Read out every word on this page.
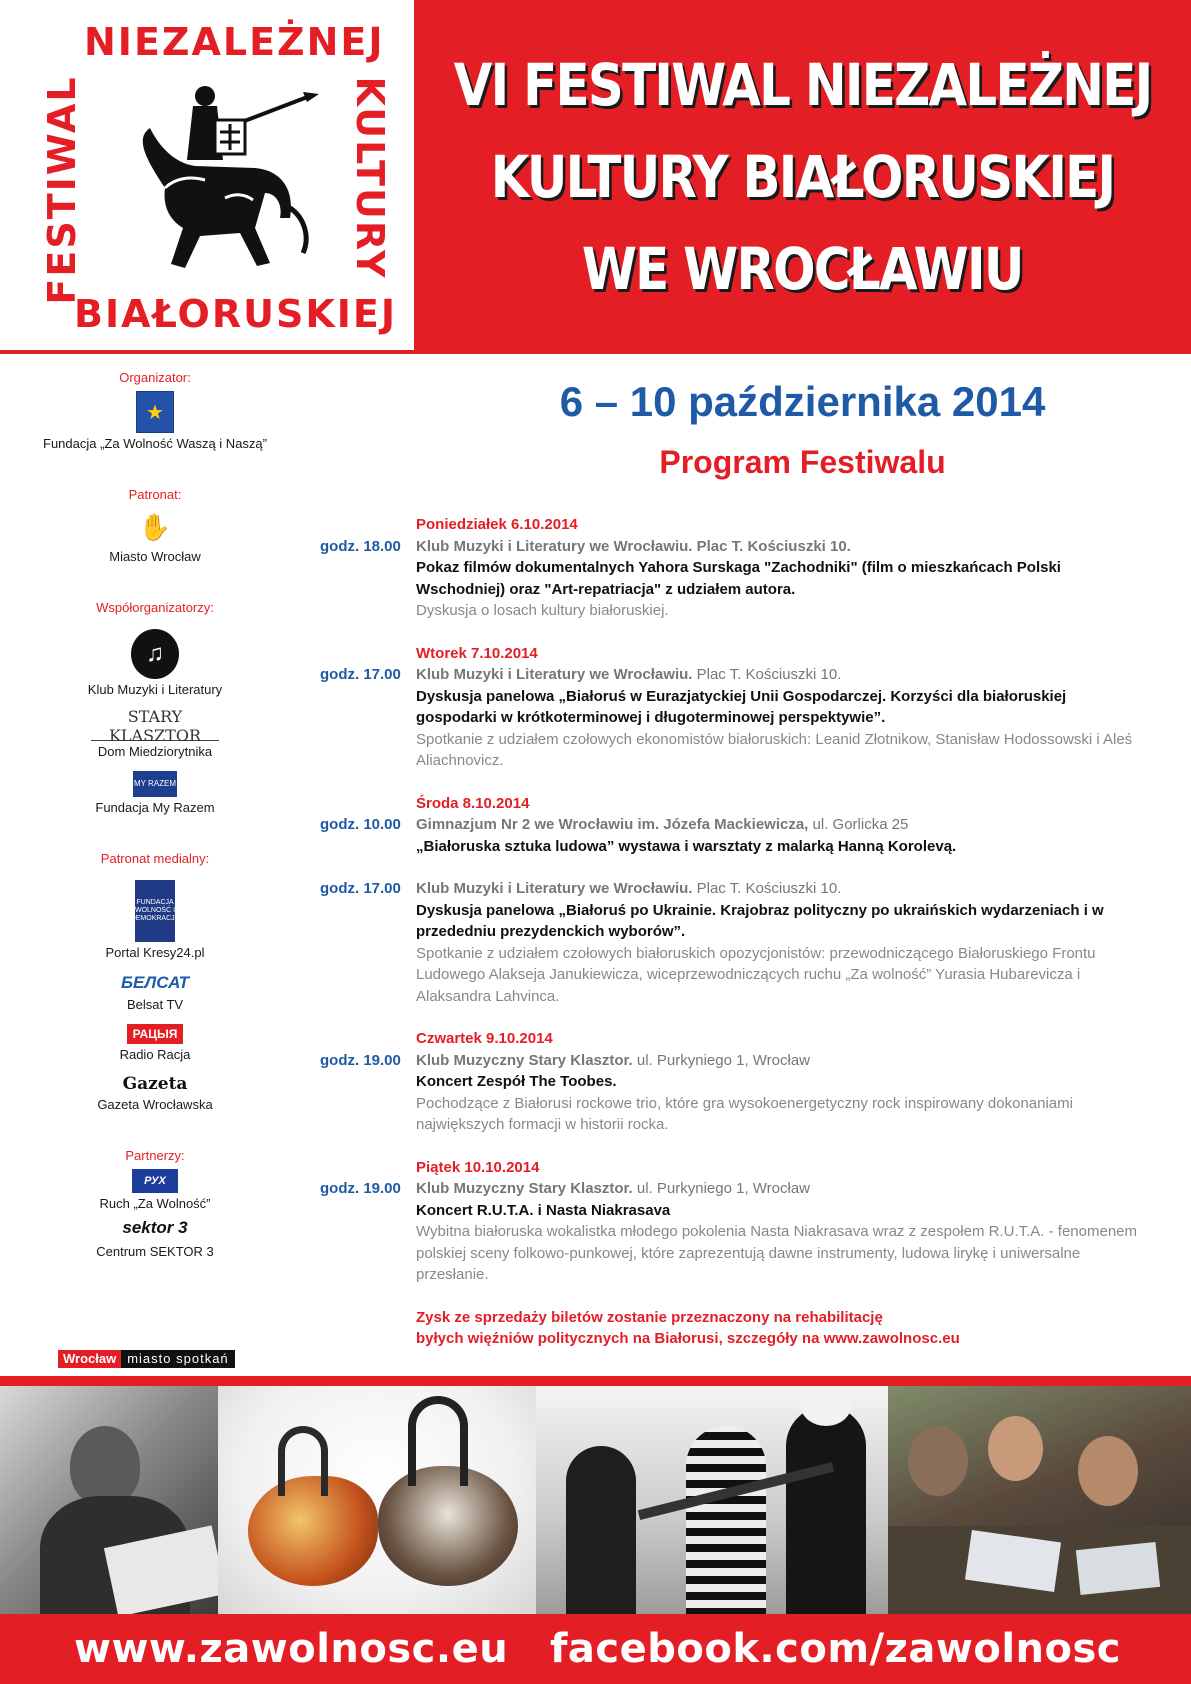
NIEZALEŻNEJ
FESTIWAL	KULTURY
BIAŁORUSKIEJ
VI FESTIWAL NIEZALEŻNEJ
KULTURY BIAŁORUSKIEJ
WE WROCŁAWIU
Organizator:
★
Fundacja „Za Wolność Waszą i Naszą”
Patronat:
✋
Miasto Wrocław
Współorganizatorzy:
♫
Klub Muzyki i Literatury
STARY KLASZTOR
Dom Miedziorytnika
MY RAZEM
Fundacja My Razem
Patronat medialny:
FUNDACJA WOLNOŚĆ I DEMOKRACJA
Portal Kresy24.pl
БЕЛСАТ
Belsat TV
РАЦЫЯ
Radio Racja
Gazeta
Gazeta Wrocławska
Partnerzy:
РУХ
Ruch „Za Wolność”
sektor 3
Centrum SEKTOR 3
Wrocław miasto spotkań
6 – 10 października 2014
Program Festiwalu
Poniedziałek 6.10.2014
godz. 18.00	Klub Muzyki i Literatury we Wrocławiu. Plac T. Kościuszki 10.
Pokaz filmów dokumentalnych Yahora Surskaga "Zachodniki" (film o mieszkańcach Polski Wschodniej) oraz "Art-repatriacja" z udziałem autora.
Dyskusja o losach kultury białoruskiej.
Wtorek 7.10.2014
godz. 17.00	Klub Muzyki i Literatury we Wrocławiu. Plac T. Kościuszki 10.
Dyskusja panelowa „Białoruś w Eurazjatyckiej Unii Gospodarczej. Korzyści dla białoruskiej gospodarki w krótkoterminowej i długoterminowej perspektywie”.
Spotkanie z udziałem czołowych ekonomistów białoruskich: Leanid Złotnikow, Stanisław Hodossowski i Aleś Aliachnovicz.
Środa 8.10.2014
godz. 10.00	Gimnazjum Nr 2 we Wrocławiu im. Józefa Mackiewicza, ul. Gorlicka 25
„Białoruska sztuka ludowa” wystawa i warsztaty z malarką Hanną Korolevą.
godz. 17.00	Klub Muzyki i Literatury we Wrocławiu. Plac T. Kościuszki 10.
Dyskusja panelowa „Białoruś po Ukrainie. Krajobraz polityczny po ukraińskich wydarzeniach i w przededniu prezydenckich wyborów”.
Spotkanie z udziałem czołowych białoruskich opozycjonistów: przewodniczącego Białoruskiego Frontu Ludowego Alakseja Janukiewicza, wiceprzewodniczących ruchu „Za wolność” Yurasia Hubarevicza i Alaksandra Lahvinca.
Czwartek 9.10.2014
godz. 19.00	Klub Muzyczny Stary Klasztor. ul. Purkyniego 1, Wrocław
Koncert Zespół The Toobes.
Pochodzące z Białorusi rockowe trio, które gra wysokoenergetyczny rock inspirowany dokonaniami największych formacji w historii rocka.
Piątek 10.10.2014
godz. 19.00	Klub Muzyczny Stary Klasztor. ul. Purkyniego 1, Wrocław
Koncert R.U.T.A. i Nasta Niakrasava
Wybitna białoruska wokalistka młodego pokolenia Nasta Niakrasava wraz z zespołem R.U.T.A. - fenomenem polskiej sceny folkowo-punkowej, które zaprezentują dawne instrumenty, ludowa lirykę i uniwersalne przesłanie.
Zysk ze sprzedaży biletów zostanie przeznaczony na rehabilitację
byłych więźniów politycznych na Białorusi, szczegóły na www.zawolnosc.eu
www.zawolnosc.eu facebook.com/zawolnosc
